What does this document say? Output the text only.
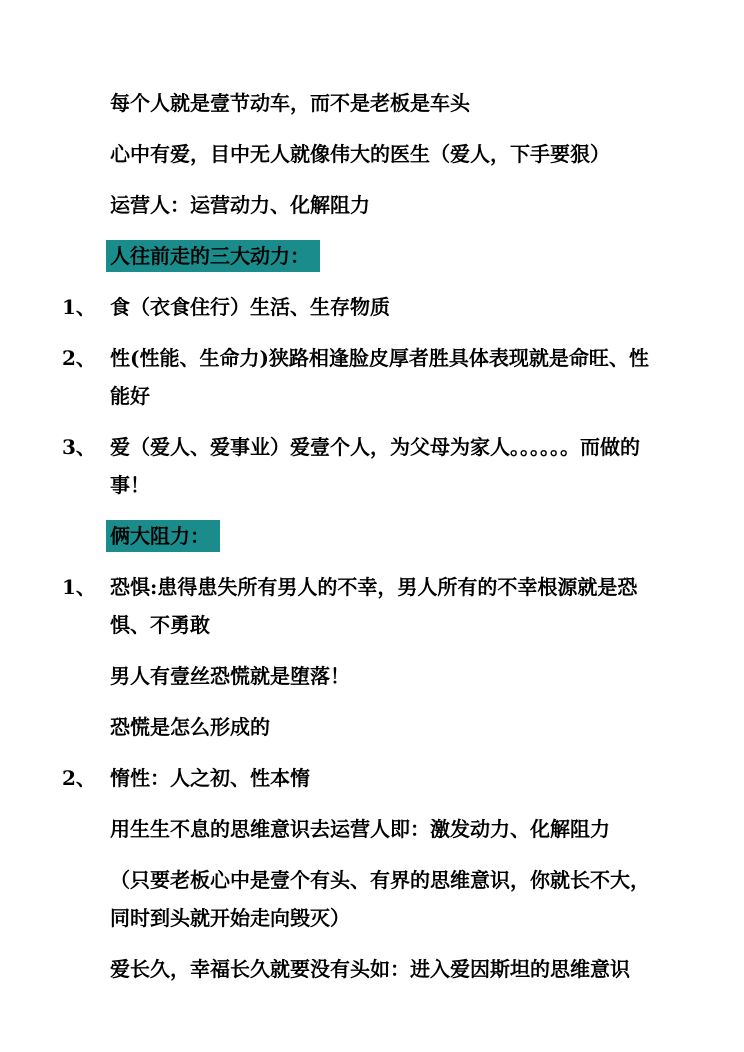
每个人就是壹节动车，而不是老板是车头

心中有爱，目中无人就像伟大的医生（爱人，下手要狠）

运营人：运营动力、化解阻力

人往前走的三大动力：

1、 食（衣食住行）生活、生存物质

2、 性(性能、生命力)狭路相逢脸皮厚者胜具体表现就是命旺、性能好

3、 爱（爱人、爱事业）爱壹个人，为父母为家人。。。。。。而做的事！

俩大阻力：

1、 恐惧:患得患失所有男人的不幸，男人所有的不幸根源就是恐惧、不勇敢

男人有壹丝恐慌就是堕落！

恐慌是怎么形成的

2、 惰性：人之初、性本惰

用生生不息的思维意识去运营人即：激发动力、化解阻力

（只要老板心中是壹个有头、有界的思维意识，你就长不大，同时到头就开始走向毁灭）

爱长久，幸福长久就要没有头如：进入爱因斯坦的思维意识
